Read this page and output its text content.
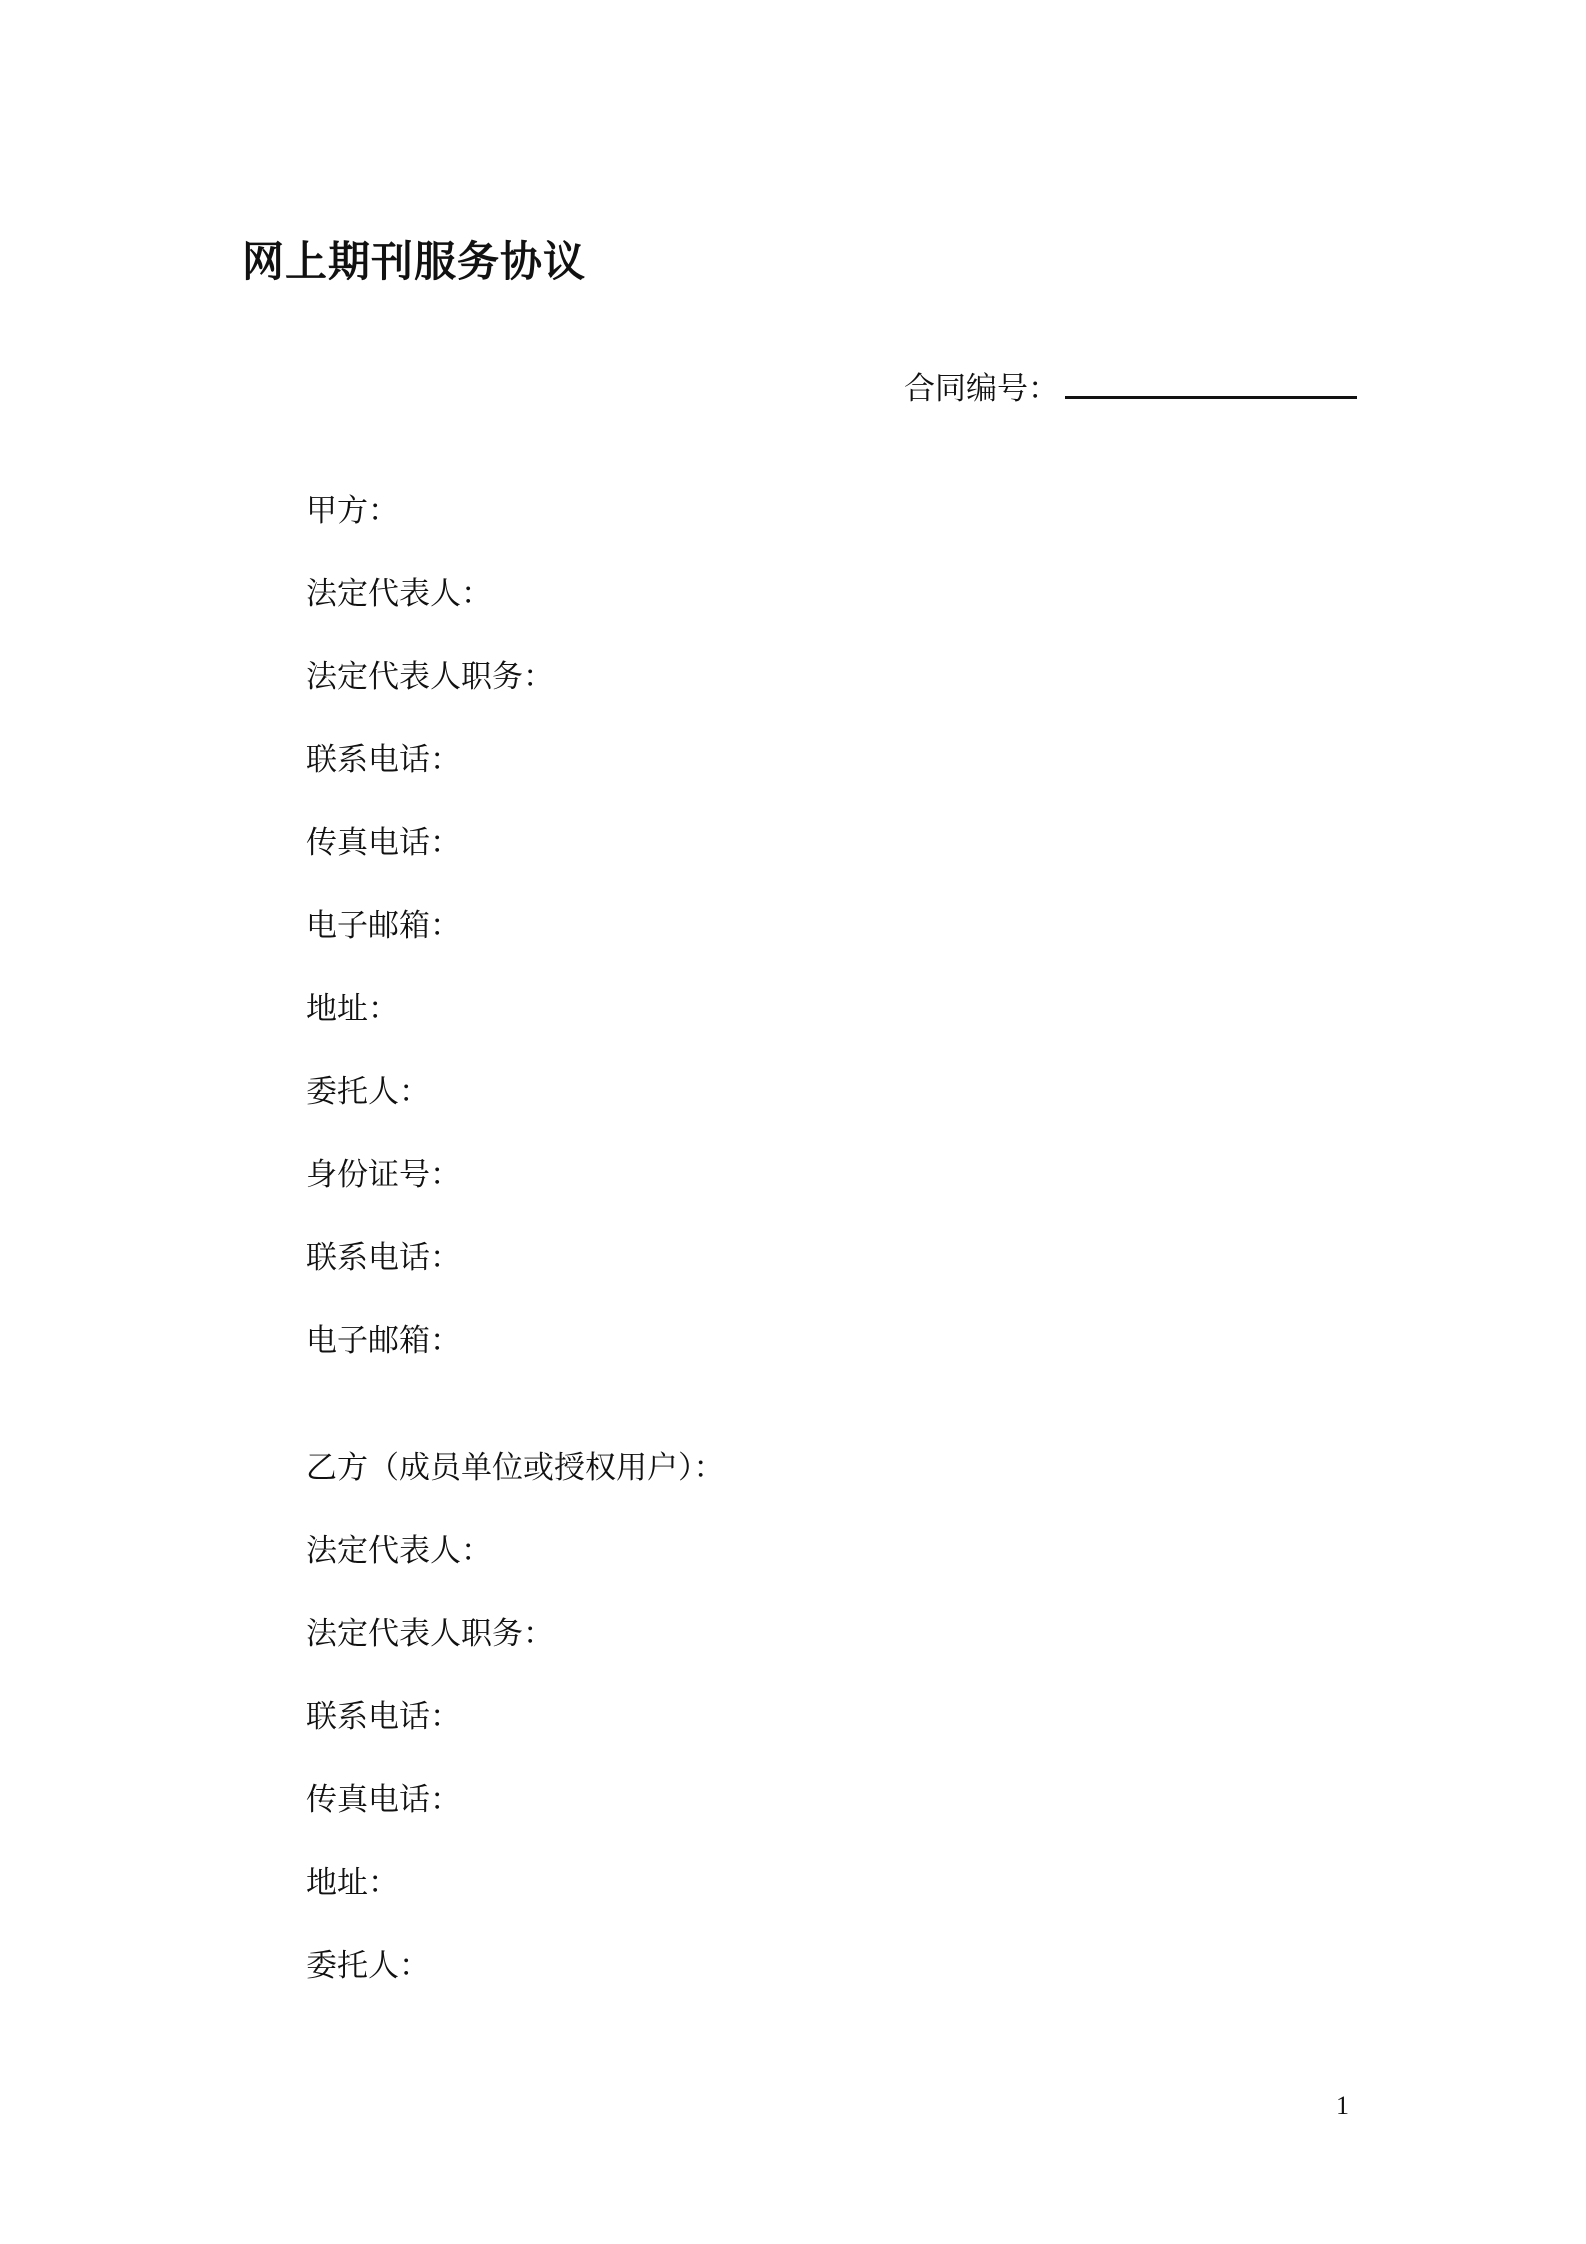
网上期刊服务协议
合同编号：
甲方：
法定代表人：
法定代表人职务：
联系电话：
传真电话：
电子邮箱：
地址：
委托人：
身份证号：
联系电话：
电子邮箱：
乙方（成员单位或授权用户）：
法定代表人：
法定代表人职务：
联系电话：
传真电话：
地址：
委托人：
1
